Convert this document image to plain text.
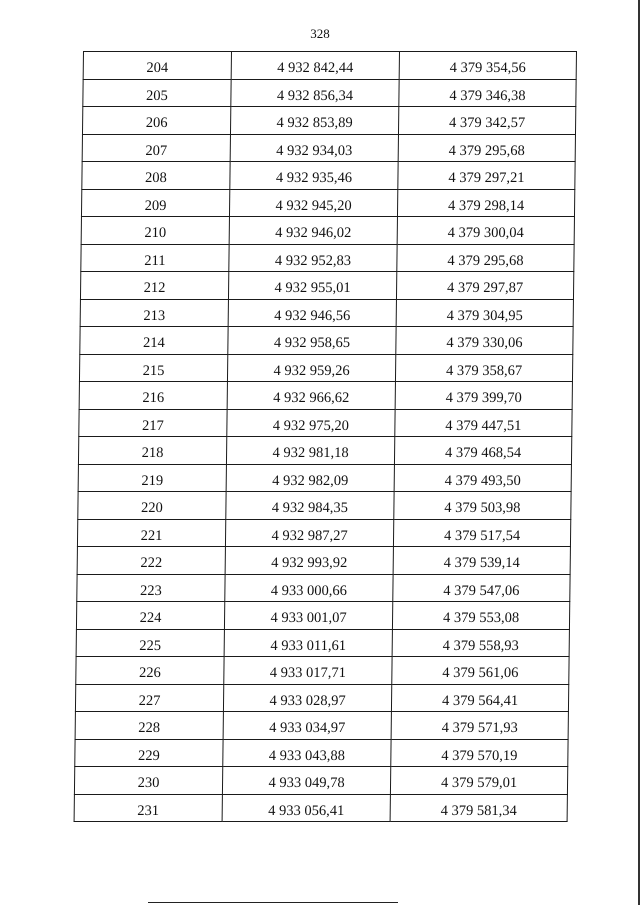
328
204	4 932 842,44	4 379 354,56
205	4 932 856,34	4 379 346,38
206	4 932 853,89	4 379 342,57
207	4 932 934,03	4 379 295,68
208	4 932 935,46	4 379 297,21
209	4 932 945,20	4 379 298,14
210	4 932 946,02	4 379 300,04
211	4 932 952,83	4 379 295,68
212	4 932 955,01	4 379 297,87
213	4 932 946,56	4 379 304,95
214	4 932 958,65	4 379 330,06
215	4 932 959,26	4 379 358,67
216	4 932 966,62	4 379 399,70
217	4 932 975,20	4 379 447,51
218	4 932 981,18	4 379 468,54
219	4 932 982,09	4 379 493,50
220	4 932 984,35	4 379 503,98
221	4 932 987,27	4 379 517,54
222	4 932 993,92	4 379 539,14
223	4 933 000,66	4 379 547,06
224	4 933 001,07	4 379 553,08
225	4 933 011,61	4 379 558,93
226	4 933 017,71	4 379 561,06
227	4 933 028,97	4 379 564,41
228	4 933 034,97	4 379 571,93
229	4 933 043,88	4 379 570,19
230	4 933 049,78	4 379 579,01
231	4 933 056,41	4 379 581,34
